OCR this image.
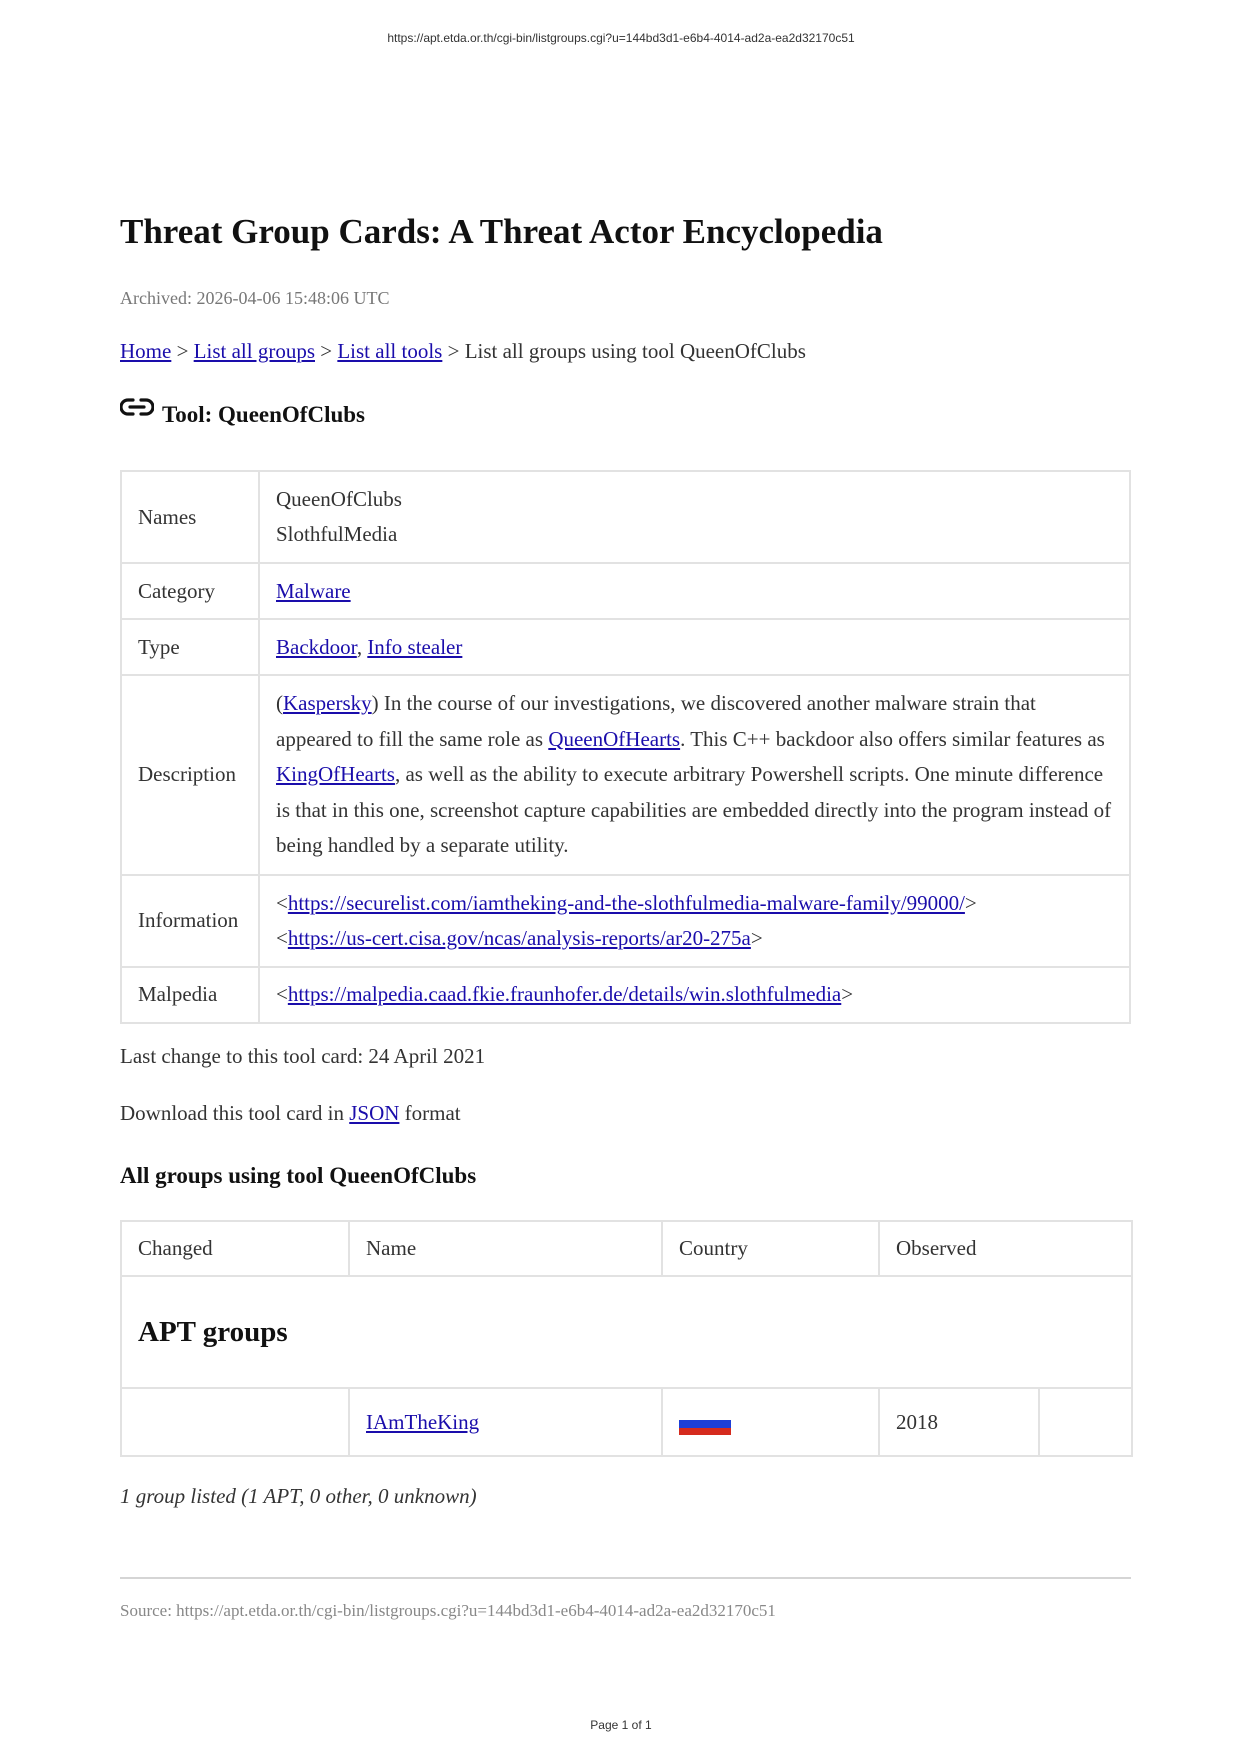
https://apt.etda.or.th/cgi-bin/listgroups.cgi?u=144bd3d1-e6b4-4014-ad2a-ea2d32170c51
Threat Group Cards: A Threat Actor Encyclopedia
Archived: 2026-04-06 15:48:06 UTC
Home > List all groups > List all tools > List all groups using tool QueenOfClubs
Tool: QueenOfClubs
Names	QueenOfClubs
SlothfulMedia

Category	Malware
Type	Backdoor, Info stealer
Description	(Kaspersky) In the course of our investigations, we discovered another malware strain that appeared to fill the same role as QueenOfHearts. This C++ backdoor also offers similar features as KingOfHearts, as well as the ability to execute arbitrary Powershell scripts. One minute difference is that in this one, screenshot capture capabilities are embedded directly into the program instead of being handled by a separate utility.
Information	<https://securelist.com/iamtheking-and-the-slothfulmedia-malware-family/99000/>
<https://us-cert.cisa.gov/ncas/analysis-reports/ar20-275a>

Malpedia	<https://malpedia.caad.fkie.fraunhofer.de/details/win.slothfulmedia>
Last change to this tool card: 24 April 2021
Download this tool card in JSON format
All groups using tool QueenOfClubs
Changed	Name	Country	Observed	
APT groups				
	IAmTheKing		2018	
1 group listed (1 APT, 0 other, 0 unknown)
Source: https://apt.etda.or.th/cgi-bin/listgroups.cgi?u=144bd3d1-e6b4-4014-ad2a-ea2d32170c51
Page 1 of 1
